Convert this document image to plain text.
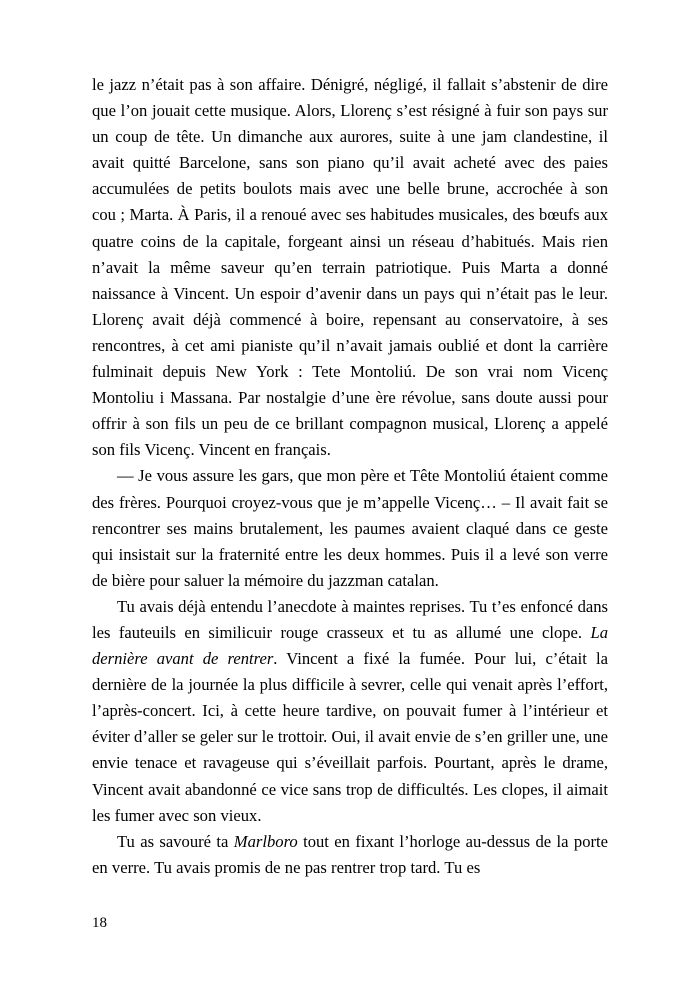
le jazz n’était pas à son affaire. Dénigré, négligé, il fallait s’abstenir de dire que l’on jouait cette musique. Alors, Llorenç s’est résigné à fuir son pays sur un coup de tête. Un dimanche aux aurores, suite à une jam clandestine, il avait quitté Barcelone, sans son piano qu’il avait acheté avec des paies accumulées de petits boulots mais avec une belle brune, accrochée à son cou ; Marta. À Paris, il a renoué avec ses habitudes musicales, des bœufs aux quatre coins de la capitale, forgeant ainsi un réseau d’habitués. Mais rien n’avait la même saveur qu’en terrain patriotique. Puis Marta a donné naissance à Vincent. Un espoir d’avenir dans un pays qui n’était pas le leur. Llorenç avait déjà commencé à boire, repensant au conservatoire, à ses rencontres, à cet ami pianiste qu’il n’avait jamais oublié et dont la carrière fulminait depuis New York : Tete Montoliú. De son vrai nom Vicenç Montoliu i Massana. Par nostalgie d’une ère révolue, sans doute aussi pour offrir à son fils un peu de ce brillant compagnon musical, Llorenç a appelé son fils Vicenç. Vincent en français.

— Je vous assure les gars, que mon père et Tête Montoliú étaient comme des frères. Pourquoi croyez-vous que je m’appelle Vicenç… – Il avait fait se rencontrer ses mains brutalement, les paumes avaient claqué dans ce geste qui insistait sur la fraternité entre les deux hommes. Puis il a levé son verre de bière pour saluer la mémoire du jazzman catalan.

Tu avais déjà entendu l’anecdote à maintes reprises. Tu t’es enfoncé dans les fauteuils en similicuir rouge crasseux et tu as allumé une clope. La dernière avant de rentrer. Vincent a fixé la fumée. Pour lui, c’était la dernière de la journée la plus difficile à sevrer, celle qui venait après l’effort, l’après-concert. Ici, à cette heure tardive, on pouvait fumer à l’intérieur et éviter d’aller se geler sur le trottoir. Oui, il avait envie de s’en griller une, une envie tenace et ravageuse qui s’éveillait parfois. Pourtant, après le drame, Vincent avait abandonné ce vice sans trop de difficultés. Les clopes, il aimait les fumer avec son vieux.

Tu as savouré ta Marlboro tout en fixant l’horloge au-dessus de la porte en verre. Tu avais promis de ne pas rentrer trop tard. Tu es

18
